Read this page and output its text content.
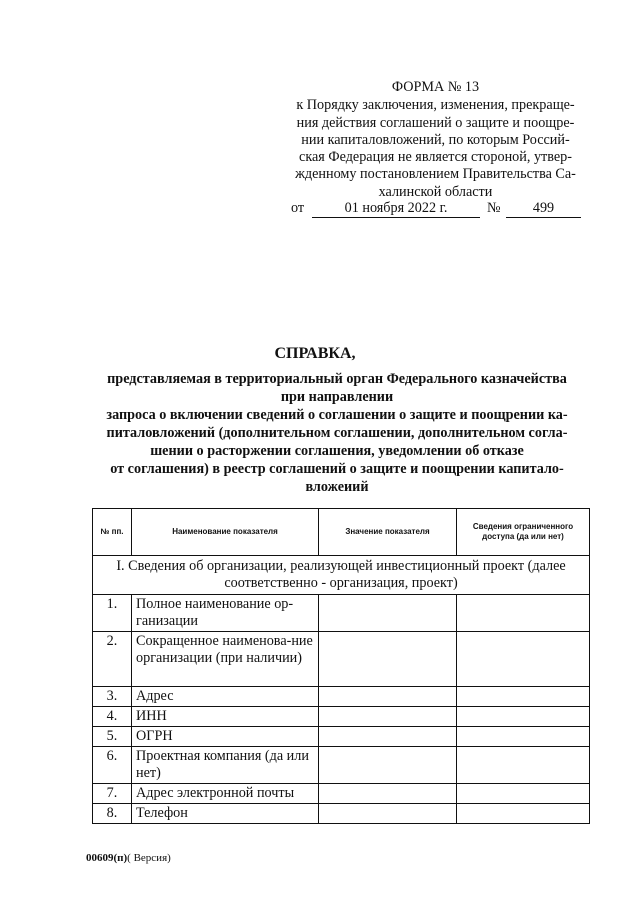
ФОРМА № 13

к Порядку заключения, изменения, прекраще-

ния действия соглашений о защите и поощре-

нии капиталовложений, по которым Россий-

ская Федерация не является стороной, утвер-

жденному постановлением Правительства Са-

халинской области

от	01 ноября 2022 г.	№	499
СПРАВКА,

представляемая в территориальный орган Федерального казначейства

при направлении

запроса о включении сведений о соглашении о защите и поощрении ка-

питаловложений (дополнительном соглашении, дополнительном согла-

шении о расторжении соглашения, уведомлении об отказе

от соглашения) в реестр соглашений о защите и поощрении капитало-

вложеиий

№ пп.	Наименование показателя	Значение показателя	Сведения ограниченного доступа (да или нет)
I. Сведения об организации, реализующей инвестиционный проект (далее соответственно - организация, проект)			
1.	Полное наименование ор-ганизации		
2.	Сокращенное наименова-ние организации (при наличии)		
3.	Адрес		
4.	ИНН		
5.	ОГРН		
6.	Проектная компания (да или нет)		
7.	Адрес электронной почты		
8.	Телефон		
00609(п)( Версия)
